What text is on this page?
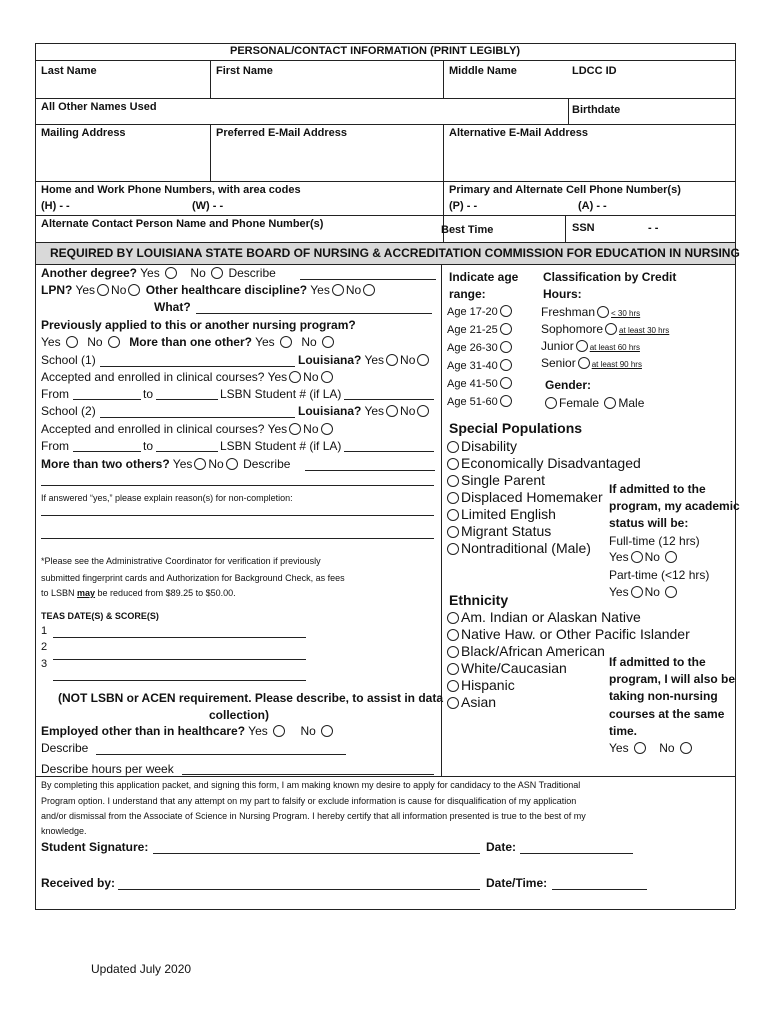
PERSONAL/CONTACT INFORMATION (PRINT LEGIBLY)
Last Name	First Name	Middle Name	LDCC ID
All Other Names Used	Birthdate
Mailing Address	Preferred E-Mail Address	Alternative E-Mail Address
Home and Work Phone Numbers, with area codes
(H) - -	(W) - -
Primary and Alternate Cell Phone Number(s)
(P) - -	(A) - -
Alternate Contact Person Name and Phone Number(s)	Best Time	SSN	- -
REQUIRED BY LOUISIANA STATE BOARD OF NURSING & ACCREDITATION COMMISSION FOR EDUCATION IN NURSING
Another degree? Yes	No Describe
LPN? Yes No Other healthcare discipline? Yes No
What?
Previously applied to this or another nursing program?
Yes No More than one other? Yes No
School (1)	Louisiana? Yes No
Accepted and enrolled in clinical courses? Yes No
From	to	LSBN Student # (if LA)
School (2)	Louisiana? Yes No
Accepted and enrolled in clinical courses? Yes No
From	to	LSBN Student # (if LA)
More than two others? Yes No Describe
If answered “yes,” please explain reason(s) for non-completion:
*Please see the Administrative Coordinator for verification if previously
submitted fingerprint cards and Authorization for Background Check, as fees
to LSBN may be reduced from $89.25 to $50.00.
TEAS DATE(S) & SCORE(S)
1
2
3
(NOT LSBN or ACEN requirement. Please describe, to assist in data
collection)
Employed other than in healthcare? Yes	No
Describe
Describe hours per week
Indicate age
range:
Classification by Credit
Hours:
Gender:
Female Male
Special Populations
If admitted to the
program, my academic
status will be:
Full-time (12 hrs)
Yes No
Part-time (<12 hrs)
Yes No
Ethnicity
If admitted to the
program, I will also be
taking non-nursing
courses at the same
time.
Yes	No
By completing this application packet, and signing this form, I am making known my desire to apply for candidacy to the ASN Traditional
Program option. I understand that any attempt on my part to falsify or exclude information is cause for disqualification of my application
and/or dismissal from the Associate of Science in Nursing Program. I hereby certify that all information presented is true to the best of my
knowledge.
Student Signature:	Date:
Received by:	Date/Time:
Updated July 2020
Age 17-20
Age 21-25
Age 26-30
Age 31-40
Age 41-50
Age 51-60
Freshman < 30 hrs
Sophomore at least 30 hrs
Junior at least 60 hrs
Senior at least 90 hrs
Disability
Economically Disadvantaged
Single Parent
Displaced Homemaker
Limited English
Migrant Status
Nontraditional (Male)
Am. Indian or Alaskan Native
Native Haw. or Other Pacific Islander
Black/African American
White/Caucasian
Hispanic
Asian
